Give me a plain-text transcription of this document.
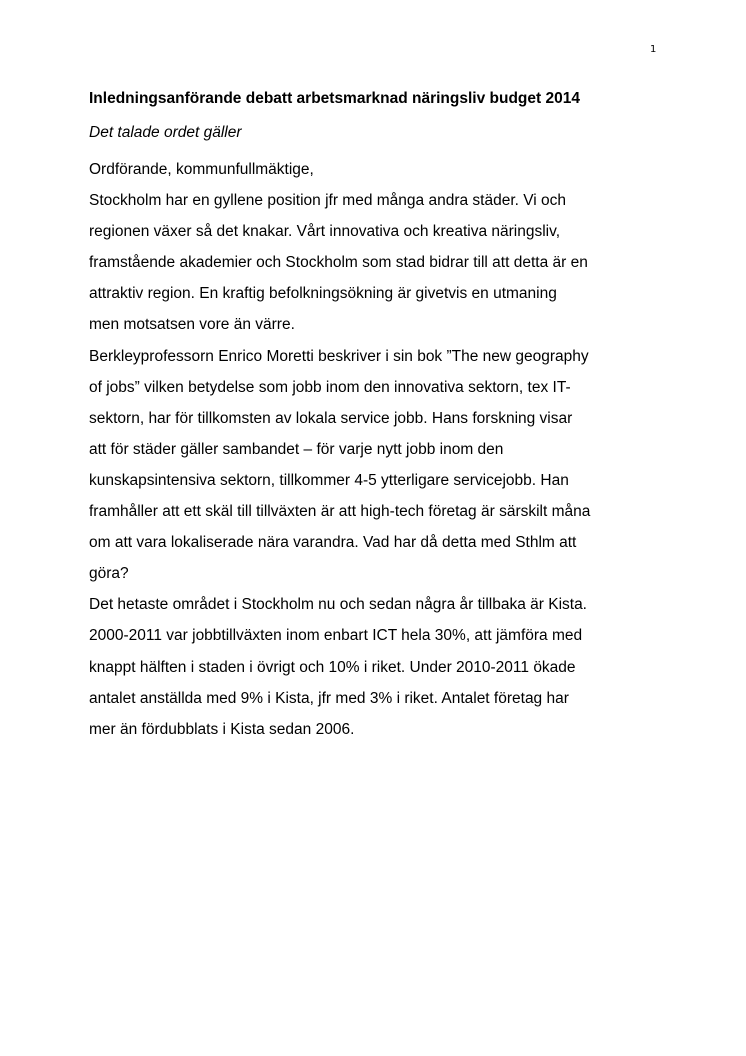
1
Inledningsanförande debatt arbetsmarknad näringsliv budget 2014
Det talade ordet gäller
Ordförande, kommunfullmäktige,
Stockholm har en gyllene position jfr med många andra städer. Vi och
regionen växer så det knakar. Vårt innovativa och kreativa näringsliv,
framstående akademier och Stockholm som stad bidrar till att detta är en
attraktiv region. En kraftig befolkningsökning är givetvis en utmaning
men motsatsen vore än värre.
Berkleyprofessorn Enrico Moretti beskriver i sin bok ”The new geography
of jobs” vilken betydelse som jobb inom den innovativa sektorn, tex IT-
sektorn, har för tillkomsten av lokala service jobb. Hans forskning visar
att för städer gäller sambandet – för varje nytt jobb inom den
kunskapsintensiva sektorn, tillkommer 4-5 ytterligare servicejobb. Han
framhåller att ett skäl till tillväxten är att high-tech företag är särskilt måna
om att vara lokaliserade nära varandra. Vad har då detta med Sthlm att
göra?
Det hetaste området i Stockholm nu och sedan några år tillbaka är Kista.
2000-2011 var jobbtillväxten inom enbart ICT hela 30%, att jämföra med
knappt hälften i staden i övrigt och 10% i riket. Under 2010-2011 ökade
antalet anställda med 9% i Kista, jfr med 3% i riket. Antalet företag har
mer än fördubblats i Kista sedan 2006.
